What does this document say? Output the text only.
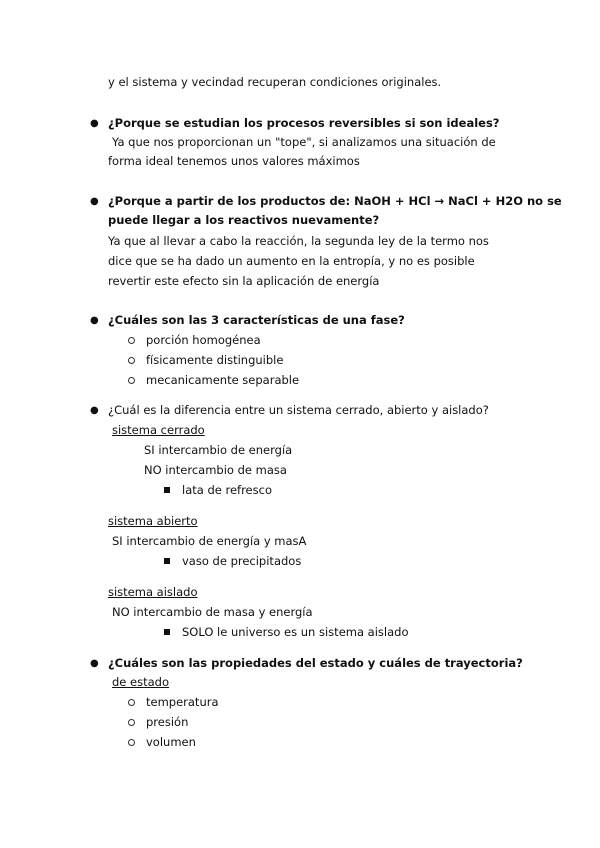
y el sistema y vecindad recuperan condiciones originales.
● ¿Porque se estudian los procesos reversibles si son ideales?
Ya que nos proporcionan un "tope", si analizamos una situación de
forma ideal tenemos unos valores máximos
● ¿Porque a partir de los productos de: NaOH + HCl → NaCl + H2O no se
puede llegar a los reactivos nuevamente?
Ya que al llevar a cabo la reacción, la segunda ley de la termo nos
dice que se ha dado un aumento en la entropía, y no es posible
revertir este efecto sin la aplicación de energía
● ¿Cuáles son las 3 características de una fase?
porción homogénea
físicamente distinguible
mecanicamente separable
● ¿Cuál es la diferencia entre un sistema cerrado, abierto y aislado?
sistema cerrado
SI intercambio de energía
NO intercambio de masa
lata de refresco
sistema abierto
SI intercambio de energía y masA
vaso de precipitados
sistema aislado
NO intercambio de masa y energía
SOLO le universo es un sistema aislado
● ¿Cuáles son las propiedades del estado y cuáles de trayectoria?
de estado
temperatura
presión
volumen
